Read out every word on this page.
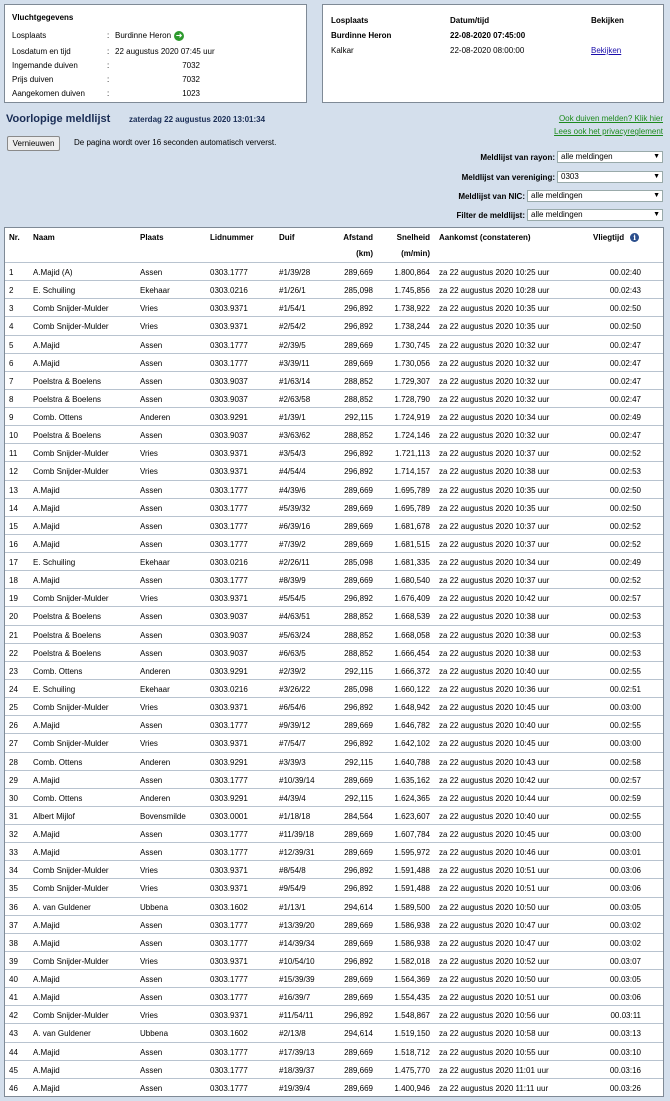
Vluchtgegevens
Losplaats	: Burdinne Heron ➜
Losdatum en tijd	: 22 augustus 2020 07:45 uur
Ingemande duiven	:	7032
Prijs duiven	:	7032
Aangekomen duiven	:	1023
Losplaats	Datum/tijd	Bekijken
Burdinne Heron	22-08-2020 07:45:00
Kalkar	22-08-2020 08:00:00	Bekijken
Voorlopige meldlijst zaterdag 22 augustus 2020 13:01:34	Ook duiven melden? Klik hier
Lees ook het privacyreglement
Vernieuwen	De pagina wordt over 16 seconden automatisch ververst.
Meldlijst van rayon: alle meldingen	▼
Meldlijst van vereniging: 0303	▼
Meldlijst van NIC: alle meldingen	▼
Filter de meldlijst: alle meldingen	▼
Nr. Naam	Plaats	Lidnummer	Duif	Afstand
(km)
Snelheid
(m/min)
Aankomst (constateren)	Vliegtijd i
1 A.Majid (A)	Assen	0303.1777	#1/39/28	289,669	1.800,864 za 22 augustus 2020 10:25 uur	00.02:40
2 E. Schuiling	Ekehaar	0303.0216	#1/26/1	285,098	1.745,856 za 22 augustus 2020 10:28 uur	00.02:43
3 Comb Snijder-Mulder	Vries	0303.9371	#1/54/1	296,892	1.738,922 za 22 augustus 2020 10:35 uur	00.02:50
4 Comb Snijder-Mulder	Vries	0303.9371	#2/54/2	296,892	1.738,244 za 22 augustus 2020 10:35 uur	00.02:50
5 A.Majid	Assen	0303.1777	#2/39/5	289,669	1.730,745 za 22 augustus 2020 10:32 uur	00.02:47
6 A.Majid	Assen	0303.1777	#3/39/11	289,669	1.730,056 za 22 augustus 2020 10:32 uur	00.02:47
7 Poelstra & Boelens	Assen	0303.9037	#1/63/14	288,852	1.729,307 za 22 augustus 2020 10:32 uur	00.02:47
8 Poelstra & Boelens	Assen	0303.9037	#2/63/58	288,852	1.728,790 za 22 augustus 2020 10:32 uur	00.02:47
9 Comb. Ottens	Anderen	0303.9291	#1/39/1	292,115	1.724,919 za 22 augustus 2020 10:34 uur	00.02:49
10 Poelstra & Boelens	Assen	0303.9037	#3/63/62	288,852	1.724,146 za 22 augustus 2020 10:32 uur	00.02:47
11 Comb Snijder-Mulder	Vries	0303.9371	#3/54/3	296,892	1.721,113 za 22 augustus 2020 10:37 uur	00.02:52
12 Comb Snijder-Mulder	Vries	0303.9371	#4/54/4	296,892	1.714,157 za 22 augustus 2020 10:38 uur	00.02:53
13 A.Majid	Assen	0303.1777	#4/39/6	289,669	1.695,789 za 22 augustus 2020 10:35 uur	00.02:50
14 A.Majid	Assen	0303.1777	#5/39/32	289,669	1.695,789 za 22 augustus 2020 10:35 uur	00.02:50
15 A.Majid	Assen	0303.1777	#6/39/16	289,669	1.681,678 za 22 augustus 2020 10:37 uur	00.02:52
16 A.Majid	Assen	0303.1777	#7/39/2	289,669	1.681,515 za 22 augustus 2020 10:37 uur	00.02:52
17 E. Schuiling	Ekehaar	0303.0216	#2/26/11	285,098	1.681,335 za 22 augustus 2020 10:34 uur	00.02:49
18 A.Majid	Assen	0303.1777	#8/39/9	289,669	1.680,540 za 22 augustus 2020 10:37 uur	00.02:52
19 Comb Snijder-Mulder	Vries	0303.9371	#5/54/5	296,892	1.676,409 za 22 augustus 2020 10:42 uur	00.02:57
20 Poelstra & Boelens	Assen	0303.9037	#4/63/51	288,852	1.668,539 za 22 augustus 2020 10:38 uur	00.02:53
21 Poelstra & Boelens	Assen	0303.9037	#5/63/24	288,852	1.668,058 za 22 augustus 2020 10:38 uur	00.02:53
22 Poelstra & Boelens	Assen	0303.9037	#6/63/5	288,852	1.666,454 za 22 augustus 2020 10:38 uur	00.02:53
23 Comb. Ottens	Anderen	0303.9291	#2/39/2	292,115	1.666,372 za 22 augustus 2020 10:40 uur	00.02:55
24 E. Schuiling	Ekehaar	0303.0216	#3/26/22	285,098	1.660,122 za 22 augustus 2020 10:36 uur	00.02:51
25 Comb Snijder-Mulder	Vries	0303.9371	#6/54/6	296,892	1.648,942 za 22 augustus 2020 10:45 uur	00.03:00
26 A.Majid	Assen	0303.1777	#9/39/12	289,669	1.646,782 za 22 augustus 2020 10:40 uur	00.02:55
27 Comb Snijder-Mulder	Vries	0303.9371	#7/54/7	296,892	1.642,102 za 22 augustus 2020 10:45 uur	00.03:00
28 Comb. Ottens	Anderen	0303.9291	#3/39/3	292,115	1.640,788 za 22 augustus 2020 10:43 uur	00.02:58
29 A.Majid	Assen	0303.1777	#10/39/14	289,669	1.635,162 za 22 augustus 2020 10:42 uur	00.02:57
30 Comb. Ottens	Anderen	0303.9291	#4/39/4	292,115	1.624,365 za 22 augustus 2020 10:44 uur	00.02:59
31 Albert Mijlof	Bovensmilde	0303.0001	#1/18/18	284,564	1.623,607 za 22 augustus 2020 10:40 uur	00.02:55
32 A.Majid	Assen	0303.1777	#11/39/18	289,669	1.607,784 za 22 augustus 2020 10:45 uur	00.03:00
33 A.Majid	Assen	0303.1777	#12/39/31	289,669	1.595,972 za 22 augustus 2020 10:46 uur	00.03:01
34 Comb Snijder-Mulder	Vries	0303.9371	#8/54/8	296,892	1.591,488 za 22 augustus 2020 10:51 uur	00.03:06
35 Comb Snijder-Mulder	Vries	0303.9371	#9/54/9	296,892	1.591,488 za 22 augustus 2020 10:51 uur	00.03:06
36 A. van Guldener	Ubbena	0303.1602	#1/13/1	294,614	1.589,500 za 22 augustus 2020 10:50 uur	00.03:05
37 A.Majid	Assen	0303.1777	#13/39/20	289,669	1.586,938 za 22 augustus 2020 10:47 uur	00.03:02
38 A.Majid	Assen	0303.1777	#14/39/34	289,669	1.586,938 za 22 augustus 2020 10:47 uur	00.03:02
39 Comb Snijder-Mulder	Vries	0303.9371	#10/54/10	296,892	1.582,018 za 22 augustus 2020 10:52 uur	00.03:07
40 A.Majid	Assen	0303.1777	#15/39/39	289,669	1.564,369 za 22 augustus 2020 10:50 uur	00.03:05
41 A.Majid	Assen	0303.1777	#16/39/7	289,669	1.554,435 za 22 augustus 2020 10:51 uur	00.03:06
42 Comb Snijder-Mulder	Vries	0303.9371	#11/54/11	296,892	1.548,867 za 22 augustus 2020 10:56 uur	00.03:11
43 A. van Guldener	Ubbena	0303.1602	#2/13/8	294,614	1.519,150 za 22 augustus 2020 10:58 uur	00.03:13
44 A.Majid	Assen	0303.1777	#17/39/13	289,669	1.518,712 za 22 augustus 2020 10:55 uur	00.03:10
45 A.Majid	Assen	0303.1777	#18/39/37	289,669	1.475,770 za 22 augustus 2020 11:01 uur	00.03:16
46 A.Majid	Assen	0303.1777	#19/39/4	289,669	1.400,946 za 22 augustus 2020 11:11 uur	00.03:26
